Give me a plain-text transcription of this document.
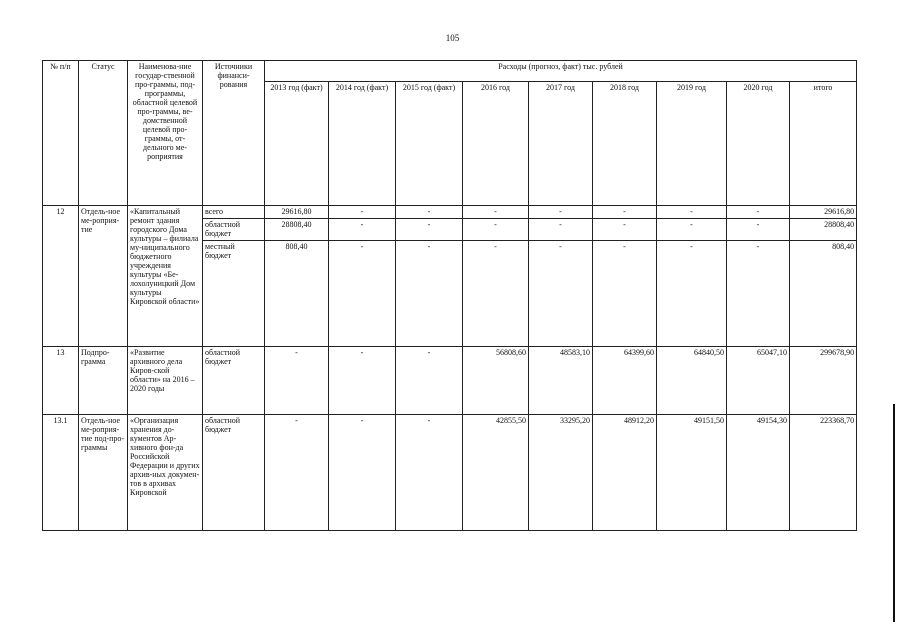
105
№ п/п	Статус	Наименова-ние государ-ственной про-граммы, под-программы, областной целевой про-граммы, ве-домственной целевой про-граммы, от-дельного ме-роприятия	Источники финанси-рования	Расходы (прогноз, факт) тыс. рублей								
				2013 год (факт)	2014 год (факт)	2015 год (факт)	2016 год	2017 год	2018 год	2019 год	2020 год	итого
12	Отдель-ное ме-роприя-тие	«Капитальный ремонт здания городского Дома культуры – филиала му-ниципального бюджетного учреждения культуры «Бе-лохолуницкий Дом культуры Кировской области»	всего	29616,80	-	-	-	-	-	-	-	29616,80
			областной бюджет	28808,40	-	-	-	-	-	-	-	28808,40
			местный бюджет	808,40	-	-	-	-	-	-	-	808,40
13	Подпро-грамма	«Развитие архивного дела Киров-ской области» на 2016 – 2020 годы	областной бюджет	-	-	-	56808,60	48583,10	64399,60	64840,50	65047,10	299678,90
13.1	Отдель-ное ме-роприя-тие под-про-граммы	«Организация хранения до-кументов Ар-хивного фон-да Российской Федерации и других архив-ных докумен-тов в архивах Кировской	областной бюджет	-	-	-	42855,50	33295,20	48912,20	49151,50	49154,30	223368,70
